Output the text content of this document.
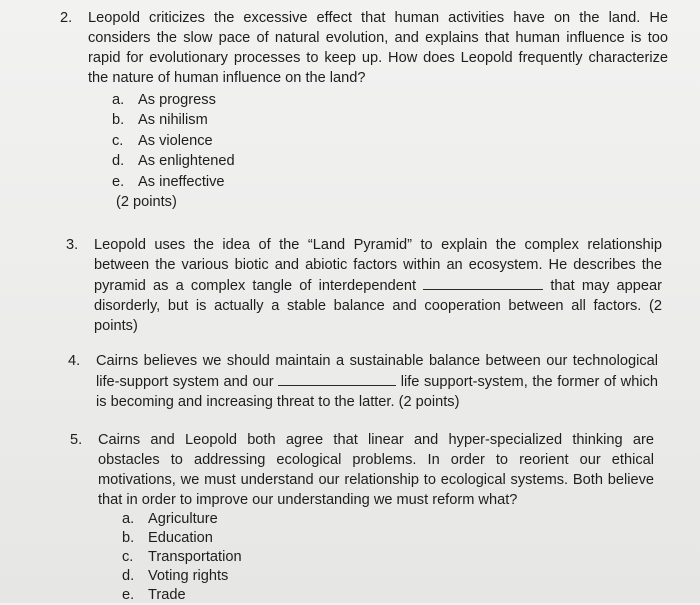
2. Leopold criticizes the excessive effect that human activities have on the land. He considers the slow pace of natural evolution, and explains that human influence is too rapid for evolutionary processes to keep up. How does Leopold frequently characterize the nature of human influence on the land?
a. As progress
b. As nihilism
c. As violence
d. As enlightened
e. As ineffective
(2 points)
3. Leopold uses the idea of the “Land Pyramid” to explain the complex relationship between the various biotic and abiotic factors within an ecosystem. He describes the pyramid as a complex tangle of interdependent	that may appear disorderly, but is actually a stable balance and cooperation between all factors. (2 points)
4. Cairns believes we should maintain a sustainable balance between our technological life-support system and our	life support-system, the former of which is becoming and increasing threat to the latter. (2 points)
5. Cairns and Leopold both agree that linear and hyper-specialized thinking are obstacles to addressing ecological problems. In order to reorient our ethical motivations, we must understand our relationship to ecological systems. Both believe that in order to improve our understanding we must reform what?
a. Agriculture
b. Education
c. Transportation
d. Voting rights
e. Trade
